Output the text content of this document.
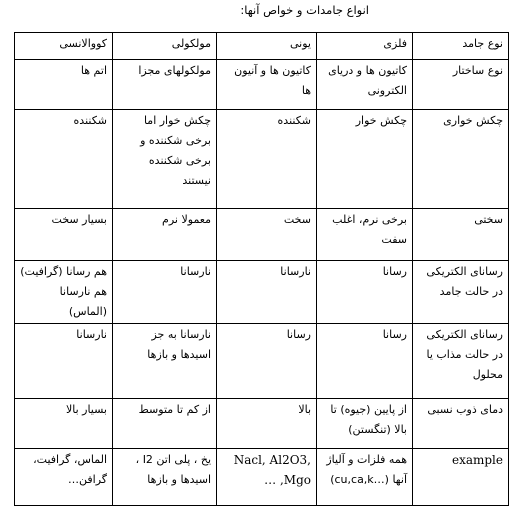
انواع جامدات و خواص آنها:
نوع جامد	فلزی	یونی	مولکولی	کووالانسی
نوع ساختار	کاتیون ها و دریای الکترونی	کاتیون ها و آنیون ها	مولکولهای مجزا	اتم ها
چکش خواری	چکش خوار	شکننده	چکش خوار اما برخی شکننده و برخی شکننده نیستند	شکننده
سختی	برخی نرم، اغلب سفت	سخت	معمولا نرم	بسیار سخت
رسانای الکتریکی در حالت جامد	رسانا	نارسانا	نارسانا	هم رسانا (گرافیت) هم نارسانا (الماس)
رسانای الکتریکی در حالت مذاب یا محلول	رسانا	رسانا	نارسانا به جز اسیدها و بازها	نارسانا
دمای ذوب نسبی	از پایین (جیوه) تا بالا (تنگستن)	بالا	از کم تا متوسط	بسیار بالا
example	همه فلزات و آلیاژ آنها (…cu,ca,k)	Nacl, Al2O3, Mgo, …	یخ ، پلی اتن I2 ، اسیدها و بازها	الماس، گرافیت، گرافن…
